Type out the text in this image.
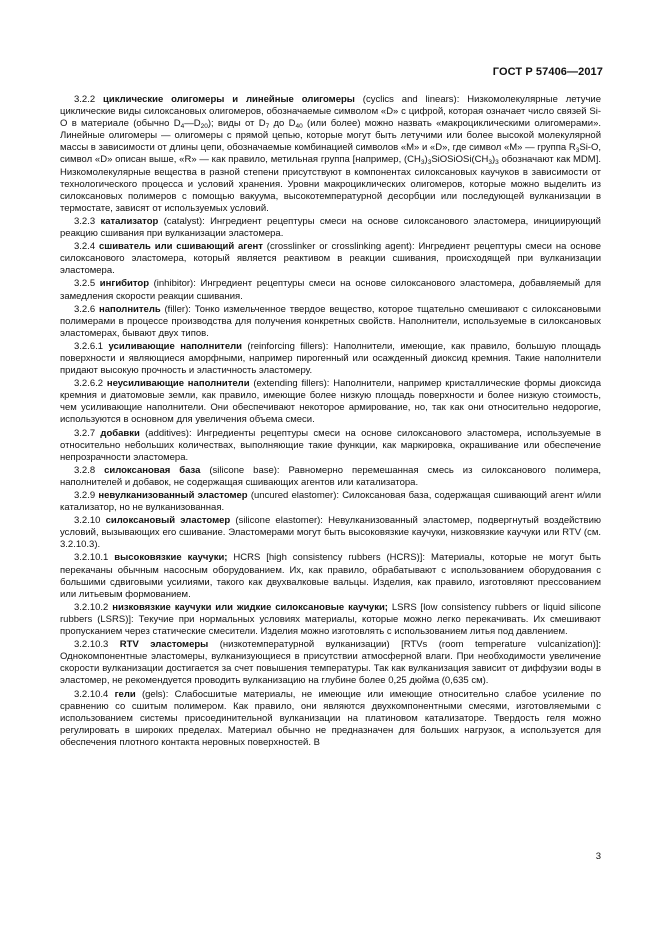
ГОСТ Р 57406—2017

3.2.2 циклические олигомеры и линейные олигомеры (cyclics and linears): Низкомолекулярные летучие циклические виды силоксановых олигомеров, обозначаемые символом «D» с цифрой, которая означает число связей Si-O в материале (обычно $D_4—D_{20}$); виды от $D_7$ до $D_{40}$ (или более) можно назвать «макроциклическими олигомерами». Линейные олигомеры — олигомеры с прямой цепью, которые могут быть летучими или более высокой молекулярной массы в зависимости от длины цепи, обозначаемые комбинацией символов «М» и «D», где символ «М» — группа $R_3Si-O$, символ «D» описан выше, «R» — как правило, метильная группа [например, $(CH_3)_3SiOSiOSi(CH_3)_3$ обозначают как MDM]. Низкомолекулярные вещества в разной степени присутствуют в компонентах силоксановых каучуков в зависимости от технологического процесса и условий хранения. Уровни макроциклических олигомеров, которые можно выделить из силоксановых полимеров с помощью вакуума, высокотемпературной десорбции или последующей вулканизации в термостате, зависят от используемых условий.

3.2.3 катализатор (catalyst): Ингредиент рецептуры смеси на основе силоксанового эластомера, инициирующий реакцию сшивания при вулканизации эластомера.

3.2.4 сшиватель или сшивающий агент (crosslinker or crosslinking agent): Ингредиент рецептуры смеси на основе силоксанового эластомера, который является реактивом в реакции сшивания, происходящей при вулканизации эластомера.

3.2.5 ингибитор (inhibitor): Ингредиент рецептуры смеси на основе силоксанового эластомера, добавляемый для замедления скорости реакции сшивания.

3.2.6 наполнитель (filler): Тонко измельченное твердое вещество, которое тщательно смешивают с силоксановыми полимерами в процессе производства для получения конкретных свойств. Наполнители, используемые в силоксановых эластомерах, бывают двух типов.

3.2.6.1 усиливающие наполнители (reinforcing fillers): Наполнители, имеющие, как правило, большую площадь поверхности и являющиеся аморфными, например пирогенный или осажденный диоксид кремния. Такие наполнители придают высокую прочность и эластичность эластомеру.

3.2.6.2 неусиливающие наполнители (extending fillers): Наполнители, например кристаллические формы диоксида кремния и диатомовые земли, как правило, имеющие более низкую площадь поверхности и более низкую стоимость, чем усиливающие наполнители. Они обеспечивают некоторое армирование, но, так как они относительно недорогие, используются в основном для увеличения объема смеси.

3.2.7 добавки (additives): Ингредиенты рецептуры смеси на основе силоксанового эластомера, используемые в относительно небольших количествах, выполняющие такие функции, как маркировка, окрашивание или обеспечение непрозрачности эластомера.

3.2.8 силоксановая база (silicone base): Равномерно перемешанная смесь из силоксанового полимера, наполнителей и добавок, не содержащая сшивающих агентов или катализатора.

3.2.9 невулканизованный эластомер (uncured elastomer): Силоксановая база, содержащая сшивающий агент и/или катализатор, но не вулканизованная.

3.2.10 силоксановый эластомер (silicone elastomer): Невулканизованный эластомер, подвергнутый воздействию условий, вызывающих его сшивание. Эластомерами могут быть высоковязкие каучуки, низковязкие каучуки или RTV (см. 3.2.10.3).

3.2.10.1 высоковязкие каучуки; HCRS [high consistency rubbers (HCRS)]: Материалы, которые не могут быть перекачаны обычным насосным оборудованием. Их, как правило, обрабатывают с использованием оборудования с большими сдвиговыми усилиями, такого как двухвалковые вальцы. Изделия, как правило, изготовляют прессованием или литьевым формованием.

3.2.10.2 низковязкие каучуки или жидкие силоксановые каучуки; LSRS [low consistency rubbers or liquid silicone rubbers (LSRS)]: Текучие при нормальных условиях материалы, которые можно легко перекачивать. Их смешивают пропусканием через статические смесители. Изделия можно изготовлять с использованием литья под давлением.

3.2.10.3 RTV эластомеры (низкотемпературной вулканизации) [RTVs (room temperature vulcanization)]: Однокомпонентные эластомеры, вулканизующиеся в присутствии атмосферной влаги. При необходимости увеличение скорости вулканизации достигается за счет повышения температуры. Так как вулканизация зависит от диффузии воды в эластомер, не рекомендуется проводить вулканизацию на глубине более 0,25 дюйма (0,635 см).

3.2.10.4 гели (gels): Слабосшитые материалы, не имеющие или имеющие относительно слабое усиление по сравнению со сшитым полимером. Как правило, они являются двухкомпонентными смесями, изготовляемыми с использованием системы присоединительной вулканизации на платиновом катализаторе. Твердость геля можно регулировать в широких пределах. Материал обычно не предназначен для больших нагрузок, а используется для обеспечения плотного контакта неровных поверхностей. В

3
